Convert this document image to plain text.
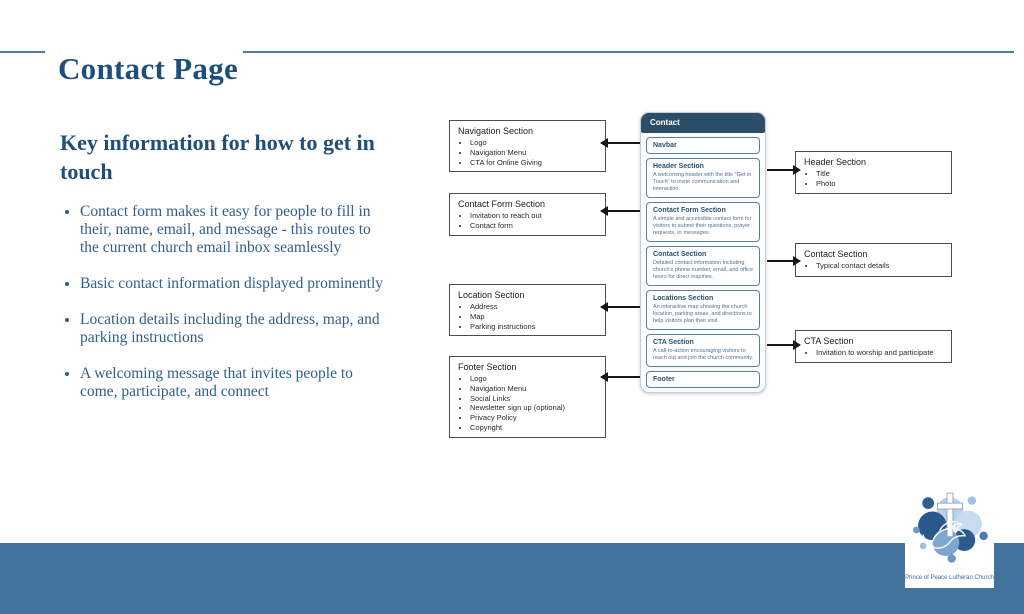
Contact Page
Key information for how to get in touch
• Contact form makes it easy for people to fill in their, name, email, and message - this routes to the current church email inbox seamlessly
• Basic contact information displayed prominently
• Location details including the address, map, and parking instructions
• A welcoming message that invites people to come, participate, and connect

Navigation Section

• Logo
• Navigation Menu
• CTA for Online Giving

Contact Form Section

• Invitation to reach out
• Contact form

Location Section

• Address
• Map
• Parking instructions

Footer Section

• Logo
• Navigation Menu
• Social Links
• Newsletter sign up (optional)
• Privacy Policy
• Copyright
Contact

Navbar

Header Section

A welcoming header with the title "Get in Touch" to invite communication and interaction.

Contact Form Section

A simple and accessible contact form for visitors to submit their questions, prayer requests, or messages.

Contact Section

Detailed contact information including church's phone number, email, and office hours for direct inquiries.

Locations Section

An interactive map showing the church location, parking areas, and directions to help visitors plan their visit.

CTA Section

A call-to-action encouraging visitors to reach out and join the church community.

Footer

Header Section

• Title
• Photo

Contact Section

• Typical contact details

CTA Section

• Invitation to worship and participate
Prince of Peace Lutheran Church
